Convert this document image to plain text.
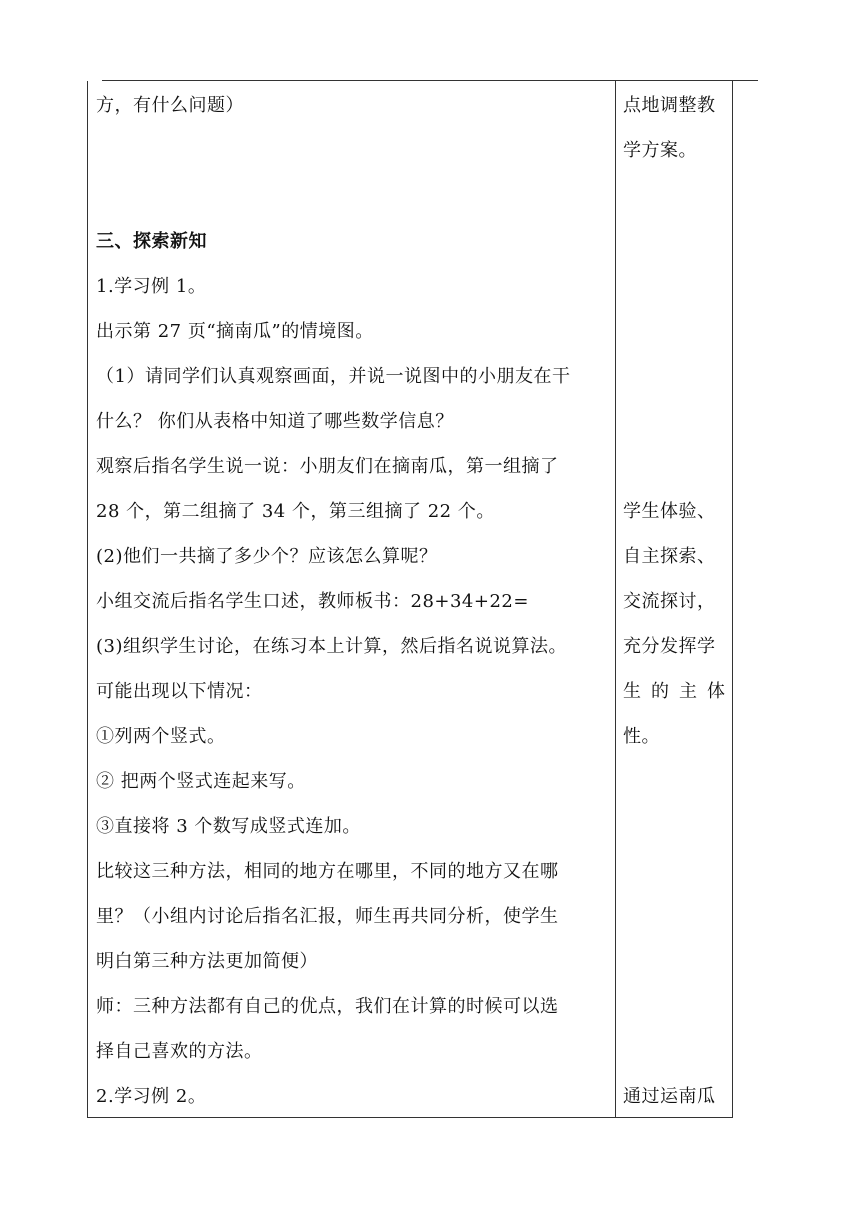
方，有什么问题）
三、探索新知
1.学习例 1。
出示第 27 页“摘南瓜”的情境图。
（1）请同学们认真观察画面，并说一说图中的小朋友在干
什么？ 你们从表格中知道了哪些数学信息？
观察后指名学生说一说：小朋友们在摘南瓜，第一组摘了
28 个，第二组摘了 34 个，第三组摘了 22 个。
(2)他们一共摘了多少个？应该怎么算呢？
小组交流后指名学生口述，教师板书：28+34+22=
(3)组织学生讨论，在练习本上计算，然后指名说说算法。
可能出现以下情况：
①列两个竖式。
② 把两个竖式连起来写。
③直接将 3 个数写成竖式连加。
比较这三种方法，相同的地方在哪里，不同的地方又在哪
里？（小组内讨论后指名汇报，师生再共同分析，使学生
明白第三种方法更加简便）
师：三种方法都有自己的优点，我们在计算的时候可以选
择自己喜欢的方法。
2.学习例 2。
点地调整教
学方案。
学生体验、
自主探索、
交流探讨，
充分发挥学
生的主体
性。
通过运南瓜
